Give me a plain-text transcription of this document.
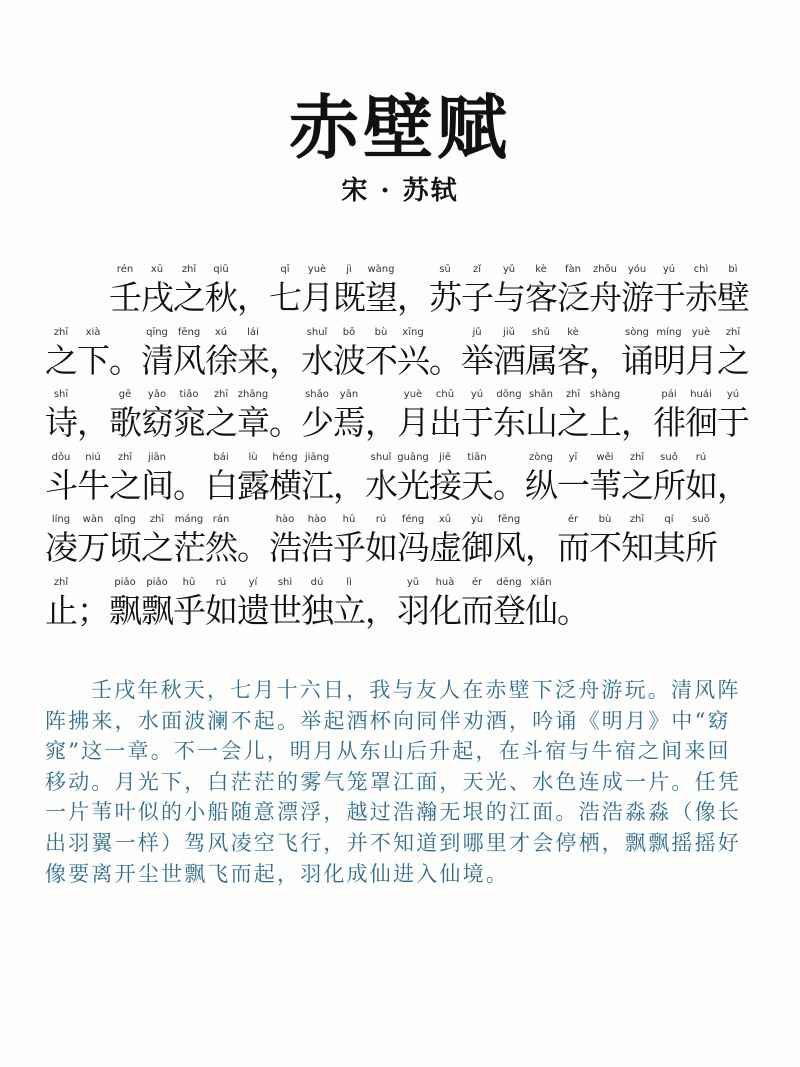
赤壁赋
宋 · 苏轼
rén	xū	zhī	qiū	qī	yuè	jì	wàng	sū	zǐ	yǔ	kè	fàn	zhōu	yóu	yú	chì	bì
壬戌之秋，七月既望，苏子与客泛舟游于赤壁
zhī	xià	qīng fēng	xú	lái	shuǐ	bō	bù	xīng	jǔ	jiǔ	shǔ	kè	sòng míng	yuè	zhī
之下。清风徐来，水波不兴。举酒属客，诵明月之
shī	gē	yǎo	tiǎo	zhī zhāng	shǎo	yān	yuè	chū	yú	dōng shān	zhī shàng	pái	huái	yú
诗，歌窈窕之章。少焉，月出于东山之上，徘徊于
dǒu	niú	zhī	jiān	bái	lù	héng jiāng	shuǐ guāng	jiē	tiān	zòng	yī	wěi	zhī	suǒ	rú
斗牛之间。白露横江，水光接天。纵一苇之所如，
líng	wàn	qǐng	zhī	máng rán	hào	hào	hū	rú	féng	xū	yù	fēng	ér	bù	zhī	qí	suǒ
凌万顷之茫然。浩浩乎如冯虚御风，而不知其所
zhǐ	piāo	piāo	hū	rú	yí	shì	dú	lì	yǔ	huà	ér	dēng xiān
止；飘飘乎如遗世独立，羽化而登仙。
壬戌年秋天，七月十六日，我与友人在赤壁下泛舟游玩。清风阵
阵拂来，水面波澜不起。举起酒杯向同伴劝酒，吟诵《明月》中“窈
窕”这一章。不一会儿，明月从东山后升起，在斗宿与牛宿之间来回
移动。月光下，白茫茫的雾气笼罩江面，天光、水色连成一片。任凭
一片苇叶似的小船随意漂浮，越过浩瀚无垠的江面。浩浩淼淼（像长
出羽翼一样）驾风凌空飞行，并不知道到哪里才会停栖，飘飘摇摇好
像要离开尘世飘飞而起，羽化成仙进入仙境。
